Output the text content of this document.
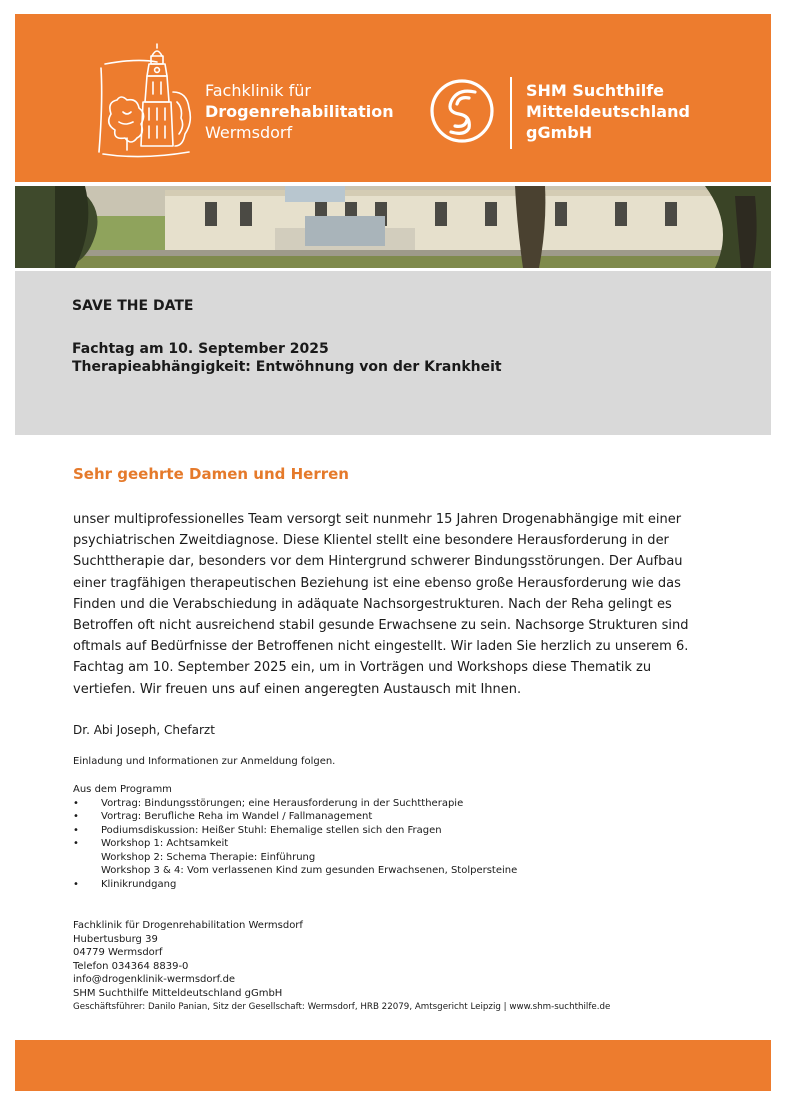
Fachklinik für
Drogenrehabilitation
Wermsdorf
SHM Suchthilfe
Mitteldeutschland
gGmbH
SAVE THE DATE
Fachtag am 10. September 2025
Therapieabhängigkeit: Entwöhnung von der Krankheit
Sehr geehrte Damen und Herren
unser multiprofessionelles Team versorgt seit nunmehr 15 Jahren Drogenabhängige mit einer
psychiatrischen Zweitdiagnose. Diese Klientel stellt eine besondere Herausforderung in der
Suchttherapie dar, besonders vor dem Hintergrund schwerer Bindungsstörungen. Der Aufbau
einer tragfähigen therapeutischen Beziehung ist eine ebenso große Herausforderung wie das
Finden und die Verabschiedung in adäquate Nachsorgestrukturen. Nach der Reha gelingt es
Betroffen oft nicht ausreichend stabil gesunde Erwachsene zu sein. Nachsorge Strukturen sind
oftmals auf Bedürfnisse der Betroffenen nicht eingestellt. Wir laden Sie herzlich zu unserem 6.
Fachtag am 10. September 2025 ein, um in Vorträgen und Workshops diese Thematik zu
vertiefen. Wir freuen uns auf einen angeregten Austausch mit Ihnen.
Dr. Abi Joseph, Chefarzt
Einladung und Informationen zur Anmeldung folgen.
Aus dem Programm
• Vortrag: Bindungsstörungen; eine Herausforderung in der Suchttherapie
• Vortrag: Berufliche Reha im Wandel / Fallmanagement
• Podiumsdiskussion: Heißer Stuhl: Ehemalige stellen sich den Fragen
• Workshop 1: Achtsamkeit
Workshop 2: Schema Therapie: Einführung
Workshop 3 & 4: Vom verlassenen Kind zum gesunden Erwachsenen, Stolpersteine
• Klinikrundgang
Fachklinik für Drogenrehabilitation Wermsdorf
Hubertusburg 39
04779 Wermsdorf
Telefon 034364 8839-0
info@drogenklinik-wermsdorf.de
SHM Suchthilfe Mitteldeutschland gGmbH
Geschäftsführer: Danilo Panian, Sitz der Gesellschaft: Wermsdorf, HRB 22079, Amtsgericht Leipzig | www.shm-suchthilfe.de
